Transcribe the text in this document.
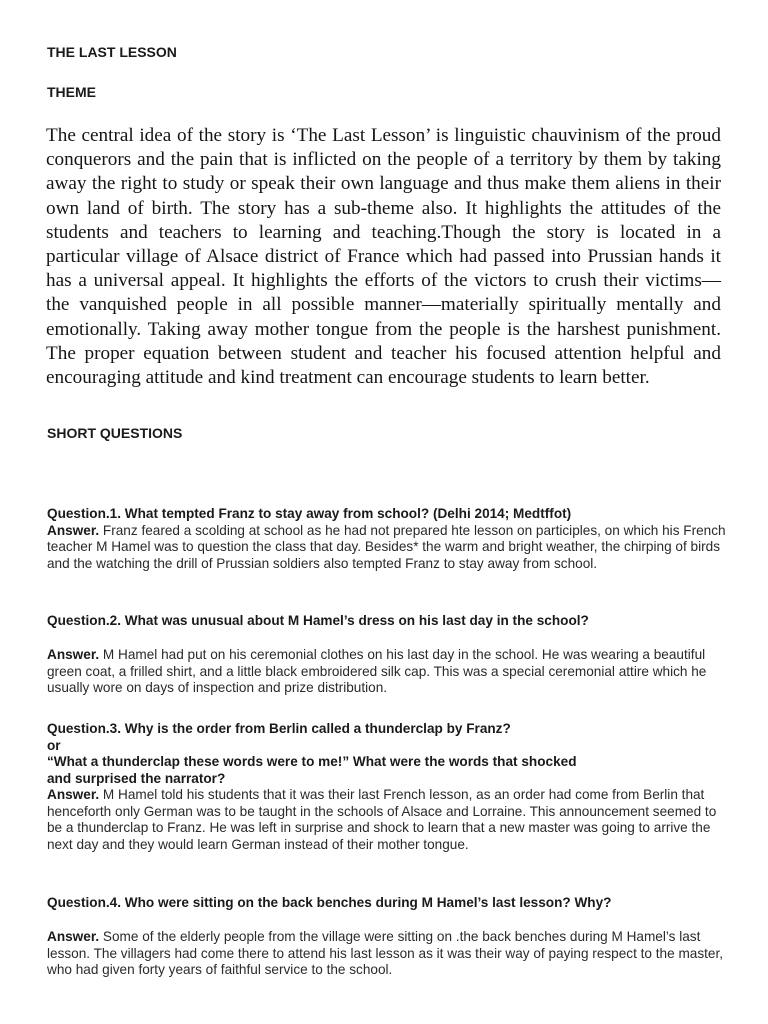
THE LAST LESSON

THEME

The central idea of the story is ‘The Last Lesson’ is linguistic chauvinism of the proud conquerors and the pain that is inflicted on the people of a territory by them by taking away the right to study or speak their own language and thus make them aliens in their own land of birth. The story has a sub-theme also. It highlights the attitudes of the students and teachers to learning and teaching.Though the story is located in a particular village of Alsace district of France which had passed into Prussian hands it has a universal appeal. It highlights the efforts of the victors to crush their victims— the vanquished people in all possible manner—materially spiritually mentally and emotionally. Taking away mother tongue from the people is the harshest punishment. The proper equation between student and teacher his focused attention helpful and encouraging attitude and kind treatment can encourage students to learn better.

SHORT QUESTIONS

Question.1. What tempted Franz to stay away from school? (Delhi 2014; Medtffot)

Answer. Franz feared a scolding at school as he had not prepared hte lesson on participles, on which his French teacher M Hamel was to question the class that day. Besides* the warm and bright weather, the chirping of birds and the watching the drill of Prussian soldiers also tempted Franz to stay away from school.

Question.2. What was unusual about M Hamel’s dress on his last day in the school?

Answer. M Hamel had put on his ceremonial clothes on his last day in the school. He was wearing a beautiful green coat, a frilled shirt, and a little black embroidered silk cap. This was a special ceremonial attire which he usually wore on days of inspection and prize distribution.

Question.3. Why is the order from Berlin called a thunderclap by Franz?

or

“What a thunderclap these words were to me!” What were the words that shocked

and surprised the narrator?

Answer. M Hamel told his students that it was their last French lesson, as an order had come from Berlin that henceforth only German was to be taught in the schools of Alsace and Lorraine. This announcement seemed to be a thunderclap to Franz. He was left in surprise and shock to learn that a new master was going to arrive the next day and they would learn German instead of their mother tongue.

Question.4. Who were sitting on the back benches during M Hamel’s last lesson? Why?

Answer. Some of the elderly people from the village were sitting on .the back benches during M Hamel’s last lesson. The villagers had come there to attend his last lesson as it was their way of paying respect to the master, who had given forty years of faithful service to the school.
